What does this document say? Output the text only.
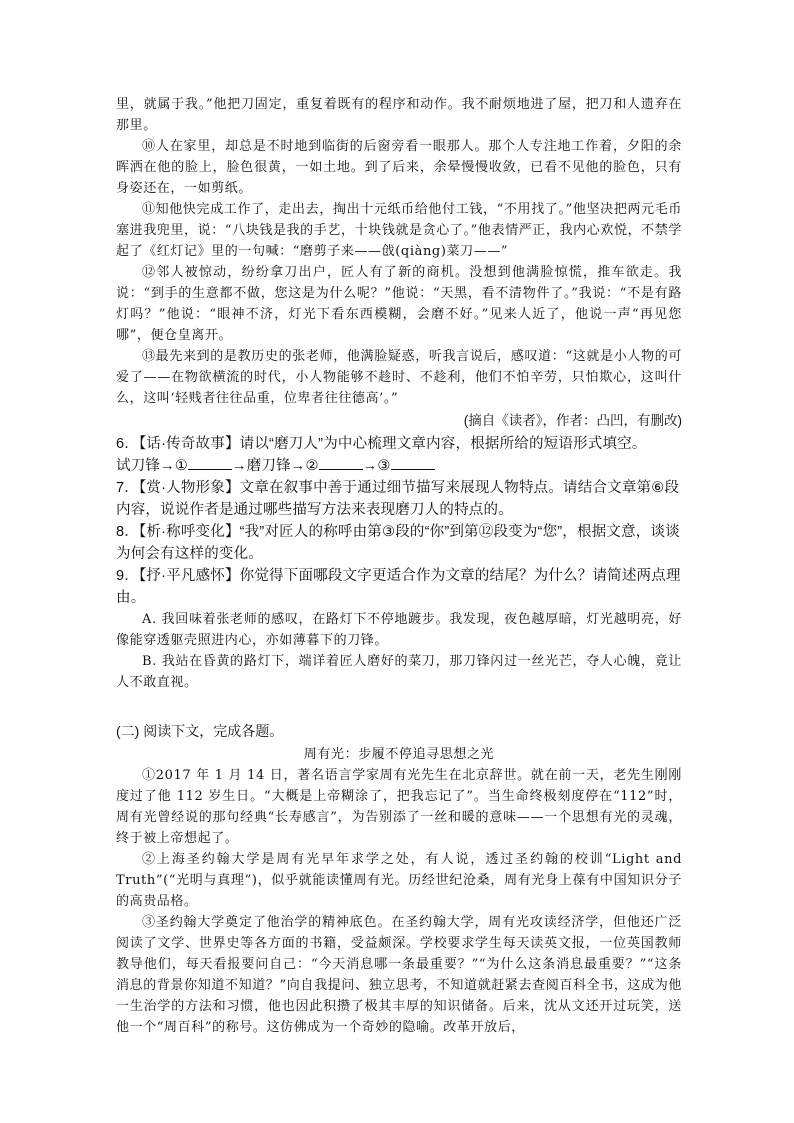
里，就属于我。”他把刀固定，重复着既有的程序和动作。我不耐烦地进了屋，把刀和人遗弃在那里。

⑩人在家里，却总是不时地到临街的后窗旁看一眼那人。那个人专注地工作着，夕阳的余晖洒在他的脸上，脸色很黄，一如土地。到了后来，余晕慢慢收敛，已看不见他的脸色，只有身姿还在，一如剪纸。

⑪知他快完成工作了，走出去，掏出十元纸币给他付工钱，“不用找了。”他坚决把两元毛币塞进我兜里，说：“八块钱是我的手艺，十块钱就是贪心了。”他表情严正，我内心欢悦，不禁学起了《红灯记》里的一句喊：“磨剪子来——戗(qiàng)菜刀——”

⑫邻人被惊动，纷纷拿刀出户，匠人有了新的商机。没想到他满脸惊慌，推车欲走。我说：“到手的生意都不做，您这是为什么呢？”他说：“天黑，看不清物件了。”我说：“不是有路灯吗？”他说：“眼神不济，灯光下看东西模糊，会磨不好。”见来人近了，他说一声“再见您哪”，便仓皇离开。

⑬最先来到的是教历史的张老师，他满脸疑惑，听我言说后，感叹道：“这就是小人物的可爱了——在物欲横流的时代，小人物能够不趁时、不趁利，他们不怕辛劳，只怕欺心，这叫什么，这叫‘轻贱者往往品重，位卑者往往德高’。”

(摘自《读者》，作者：凸凹，有删改)

6．【话·传奇故事】请以“磨刀人”为中心梳理文章内容，根据所给的短语形式填空。

试刀锋→①	→磨刀锋→②	→③

7．【赏·人物形象】文章在叙事中善于通过细节描写来展现人物特点。请结合文章第⑥段内容，说说作者是通过哪些描写方法来表现磨刀人的特点的。

8．【析·称呼变化】“我”对匠人的称呼由第③段的“你”到第⑫段变为“您”，根据文意，谈谈为何会有这样的变化。

9．【抒·平凡感怀】你觉得下面哪段文字更适合作为文章的结尾？为什么？请简述两点理由。

A. 我回味着张老师的感叹，在路灯下不停地踱步。我发现，夜色越厚暗，灯光越明亮，好像能穿透躯壳照进内心，亦如薄暮下的刀锋。

B. 我站在昏黄的路灯下，端详着匠人磨好的菜刀，那刀锋闪过一丝光芒，夺人心魄，竟让人不敢直视。

(二) 阅读下文，完成各题。

周有光：步履不停追寻思想之光

①2017 年 1 月 14 日，著名语言学家周有光先生在北京辞世。就在前一天，老先生刚刚度过了他 112 岁生日。“大概是上帝糊涂了，把我忘记了”。当生命终极刻度停在“112”时，周有光曾经说的那句经典“长寿感言”，为告别添了一丝和暖的意味——一个思想有光的灵魂，终于被上帝想起了。

②上海圣约翰大学是周有光早年求学之处，有人说，透过圣约翰的校训“Light and Truth”(“光明与真理”)，似乎就能读懂周有光。历经世纪沧桑，周有光身上葆有中国知识分子的高贵品格。

③圣约翰大学奠定了他治学的精神底色。在圣约翰大学，周有光攻读经济学，但他还广泛阅读了文学、世界史等各方面的书籍，受益颇深。学校要求学生每天读英文报，一位英国教师教导他们，每天看报要问自己：“今天消息哪一条最重要？”“为什么这条消息最重要？”“这条消息的背景你知道不知道？”向自我提问、独立思考，不知道就赶紧去查阅百科全书，这成为他一生治学的方法和习惯，他也因此积攒了极其丰厚的知识储备。后来，沈从文还开过玩笑，送他一个“周百科”的称号。这仿佛成为一个奇妙的隐喻。改革开放后，
